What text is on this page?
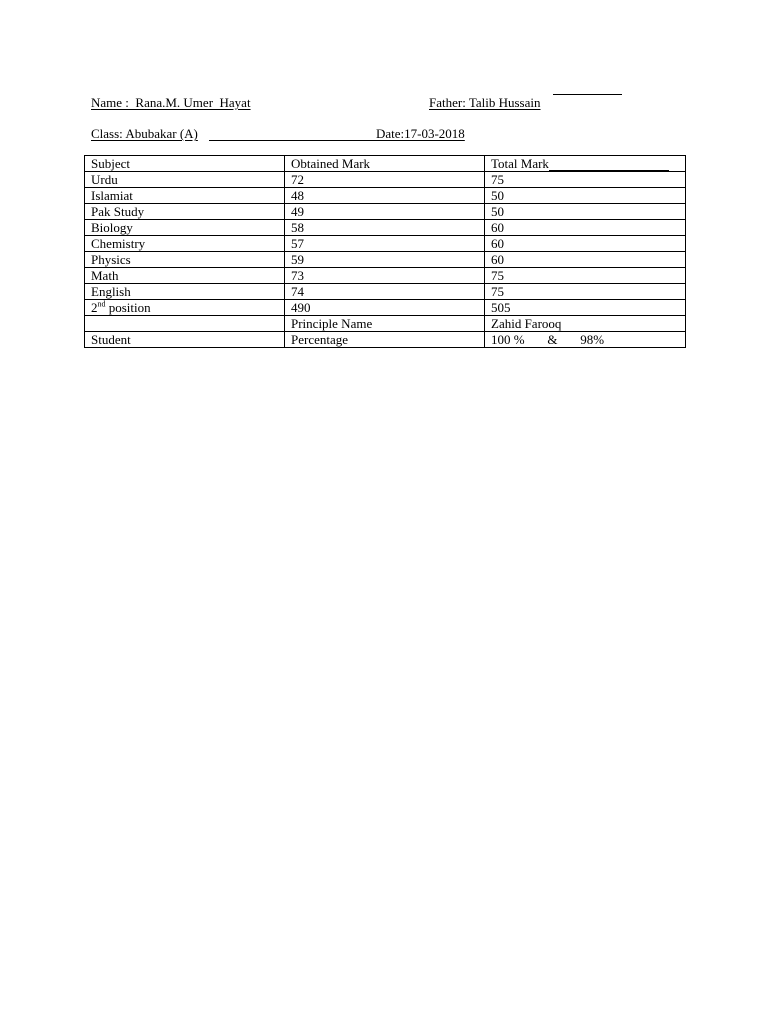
Name :  Rana.M. Umer  Hayat	Father: Talib Hussain
Class: Abubakar (A)	Date:17-03-2018
Subject	Obtained Mark	Total Mark
Urdu	72	75
Islamiat	48	50
Pak Study	49	50
Biology	58	60
Chemistry	57	60
Physics	59	60
Math	73	75
English	74	75
2nd position	490	505
	Principle Name	Zahid Farooq
Student	Percentage	100 %       &       98%
